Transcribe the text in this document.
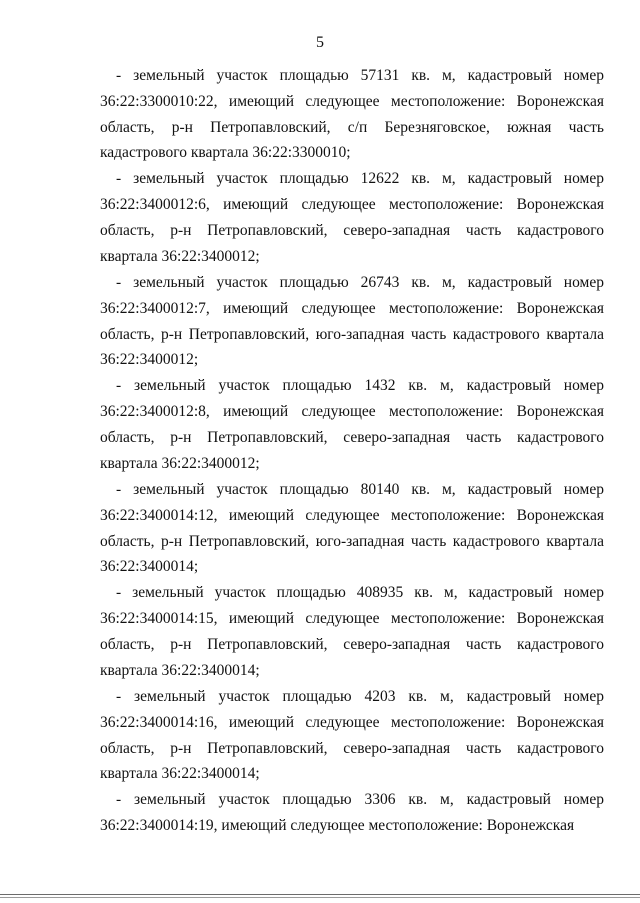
5

- земельный участок площадью 57131 кв. м, кадастровый номер 36:22:3300010:22, имеющий следующее местоположение: Воронежская область, р-н Петропавловский, с/п Березняговское, южная часть кадастрового квартала 36:22:3300010;

- земельный участок площадью 12622 кв. м, кадастровый номер 36:22:3400012:6, имеющий следующее местоположение: Воронежская область, р-н Петропавловский, северо-западная часть кадастрового квартала 36:22:3400012;

- земельный участок площадью 26743 кв. м, кадастровый номер 36:22:3400012:7, имеющий следующее местоположение: Воронежская область, р-н Петропавловский, юго-западная часть кадастрового квартала 36:22:3400012;

- земельный участок площадью 1432 кв. м, кадастровый номер 36:22:3400012:8, имеющий следующее местоположение: Воронежская область, р-н Петропавловский, северо-западная часть кадастрового квартала 36:22:3400012;

- земельный участок площадью 80140 кв. м, кадастровый номер 36:22:3400014:12, имеющий следующее местоположение: Воронежская область, р-н Петропавловский, юго-западная часть кадастрового квартала 36:22:3400014;

- земельный участок площадью 408935 кв. м, кадастровый номер 36:22:3400014:15, имеющий следующее местоположение: Воронежская область, р-н Петропавловский, северо-западная часть кадастрового квартала 36:22:3400014;

- земельный участок площадью 4203 кв. м, кадастровый номер 36:22:3400014:16, имеющий следующее местоположение: Воронежская область, р-н Петропавловский, северо-западная часть кадастрового квартала 36:22:3400014;

- земельный участок площадью 3306 кв. м, кадастровый номер 36:22:3400014:19, имеющий следующее местоположение: Воронежская
